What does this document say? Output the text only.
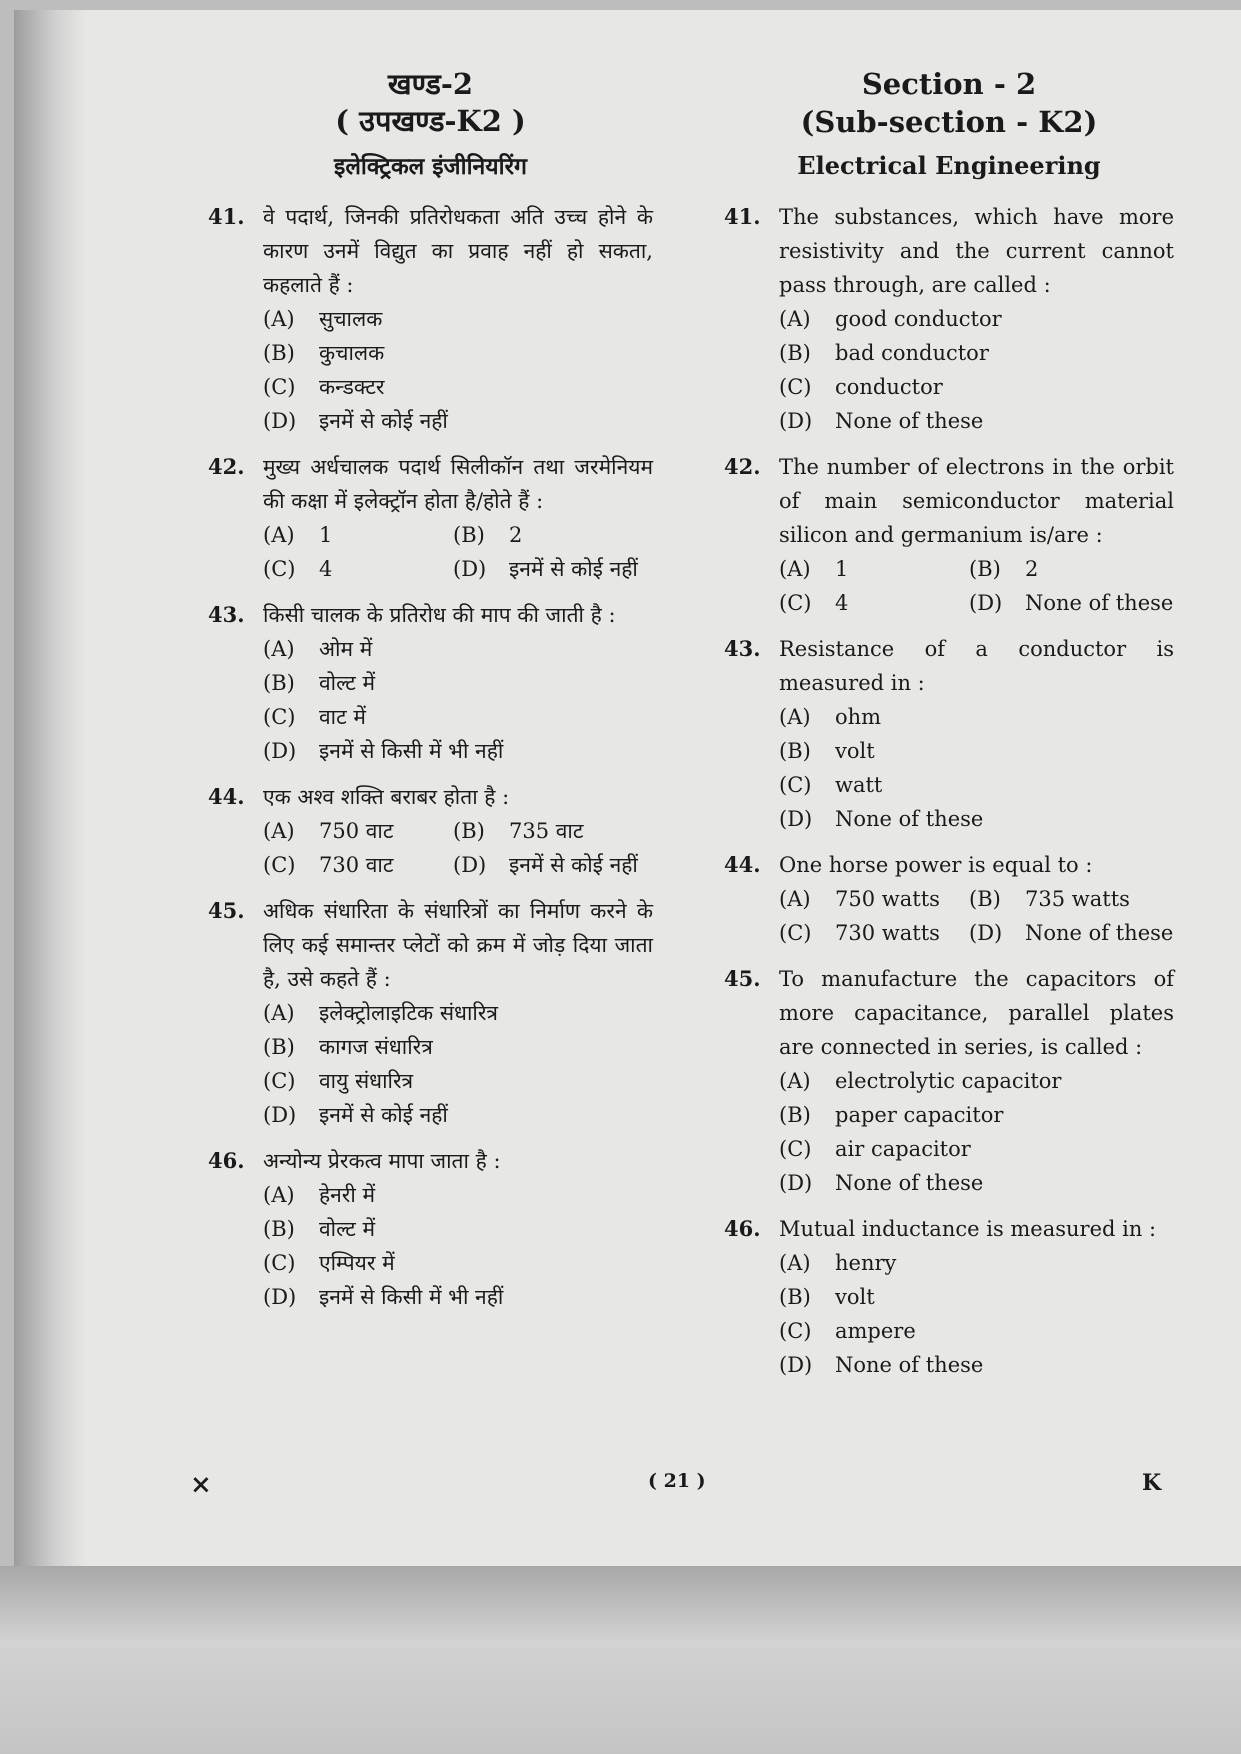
खण्ड-2
( उपखण्ड-K2 )
इलेक्ट्रिकल इंजीनियरिंग
41. वे पदार्थ, जिनकी प्रतिरोधकता अति उच्च होने के कारण उनमें विद्युत का प्रवाह नहीं हो सकता, कहलाते हैं :
(A)	सुचालक
(B)	कुचालक
(C)	कन्डक्टर
(D)	इनमें से कोई नहीं
42. मुख्य अर्धचालक पदार्थ सिलीकॉन तथा जरमेनियम की कक्षा में इलेक्ट्रॉन होता है/होते हैं :
(A)	1	(B)	2
(C)	4	(D)	इनमें से कोई नहीं
43. किसी चालक के प्रतिरोध की माप की जाती है :
(A)	ओम में
(B)	वोल्ट में
(C)	वाट में
(D)	इनमें से किसी में भी नहीं
44. एक अश्व शक्ति बराबर होता है :
(A)	750 वाट	(B)	735 वाट
(C)	730 वाट	(D)	इनमें से कोई नहीं
45. अधिक संधारिता के संधारित्रों का निर्माण करने के लिए कई समान्तर प्लेटों को क्रम में जोड़ दिया जाता है, उसे कहते हैं :
(A)	इलेक्ट्रोलाइटिक संधारित्र
(B)	कागज संधारित्र
(C)	वायु संधारित्र
(D)	इनमें से कोई नहीं
46. अन्योन्य प्रेरकत्व मापा जाता है :
(A)	हेनरी में
(B)	वोल्ट में
(C)	एम्पियर में
(D)	इनमें से किसी में भी नहीं
Section - 2
(Sub-section - K2)
Electrical Engineering
41. The substances, which have more resistivity and the current cannot pass through, are called :
(A)	good conductor
(B)	bad conductor
(C)	conductor
(D)	None of these
42. The number of electrons in the orbit of main semiconductor material silicon and germanium is/are :
(A)	1	(B)	2
(C)	4	(D)	None of these
43. Resistance of a conductor is measured in :
(A)	ohm
(B)	volt
(C)	watt
(D)	None of these
44. One horse power is equal to :
(A)	750 watts (B)	735 watts
(C)	730 watts (D)	None of these
45. To manufacture the capacitors of more capacitance, parallel plates are connected in series, is called :
(A)	electrolytic capacitor
(B)	paper capacitor
(C)	air capacitor
(D)	None of these
46. Mutual inductance is measured in :
(A)	henry
(B)	volt
(C)	ampere
(D)	None of these
×	( 21 )	K
